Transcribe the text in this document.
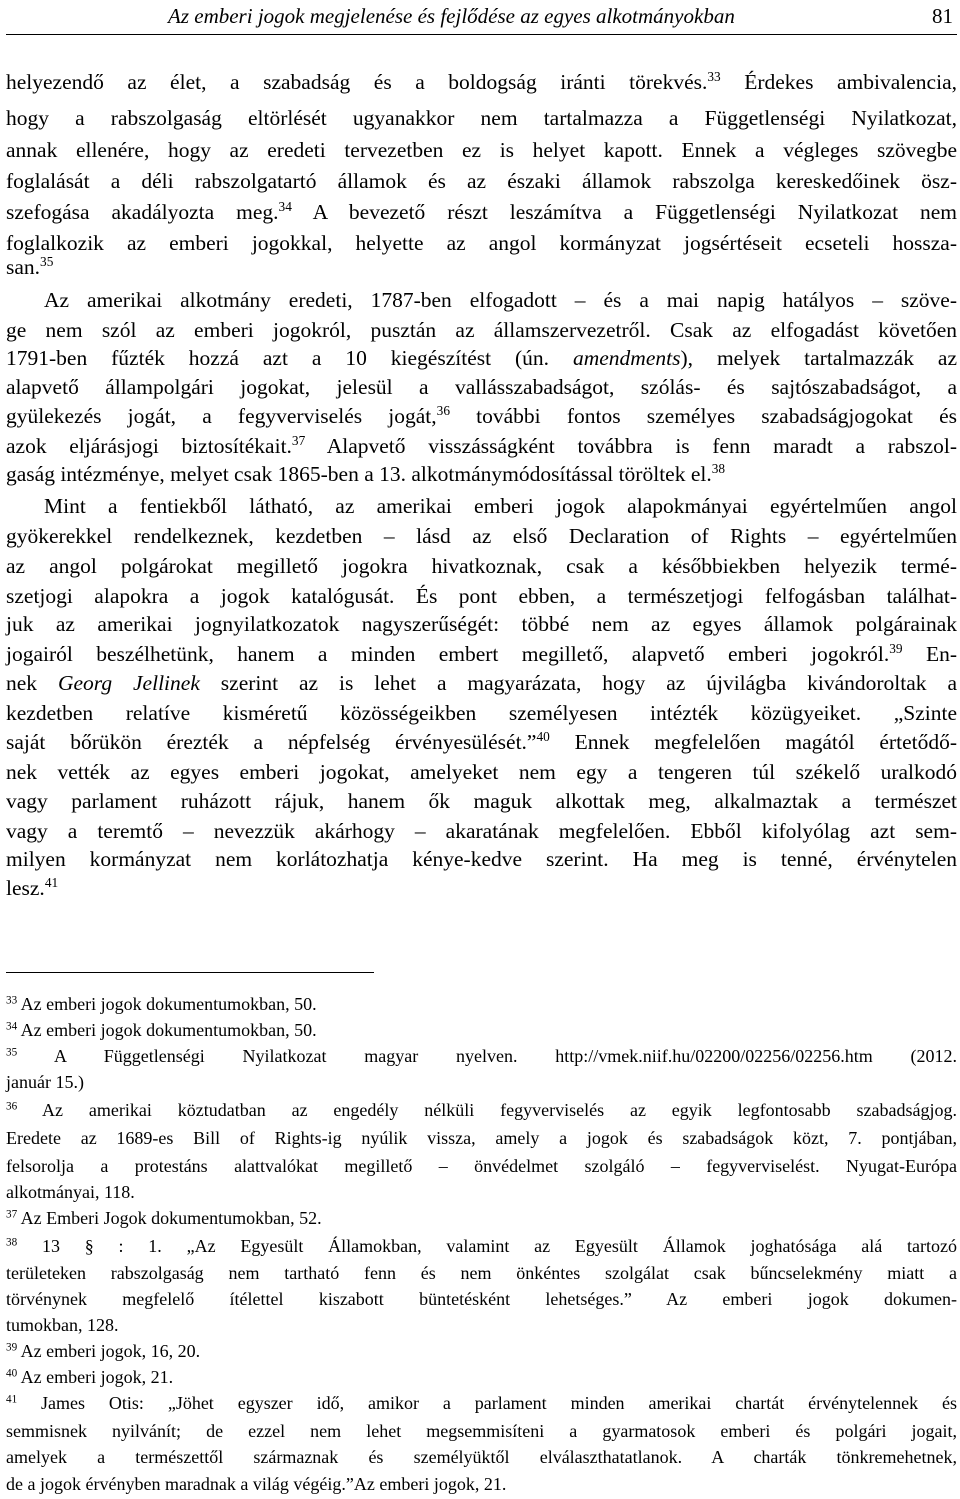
Az emberi jogok megjelenése és fejlődése az egyes alkotmányokban	81
helyezendő az élet, a szabadság és a boldogság iránti törekvés.$^{33}$ Érdekes ambivalencia,
hogy a rabszolgaság eltörlését ugyanakkor nem tartalmazza a Függetlenségi Nyilatkozat,
annak ellenére, hogy az eredeti tervezetben ez is helyet kapott. Ennek a végleges szövegbe
foglalását a déli rabszolgatartó államok és az északi államok rabszolga kereskedőinek ösz-
szefogása akadályozta meg.$^{34}$ A bevezető részt leszámítva a Függetlenségi Nyilatkozat nem
foglalkozik az emberi jogokkal, helyette az angol kormányzat jogsértéseit ecseteli hossza-
san.$^{35}$
Az amerikai alkotmány eredeti, 1787-ben elfogadott – és a mai napig hatályos – szöve-
ge nem szól az emberi jogokról, pusztán az államszervezetről. Csak az elfogadást követően
1791-ben fűzték hozzá azt a 10 kiegészítést (ún. amendments), melyek tartalmazzák az
alapvető állampolgári jogokat, jelesül a vallásszabadságot, szólás- és sajtószabadságot, a
gyülekezés jogát, a fegyverviselés jogát,$^{36}$ további fontos személyes szabadságjogokat és
azok eljárásjogi biztosítékait.$^{37}$ Alapvető visszásságként továbbra is fenn maradt a rabszol-
gaság intézménye, melyet csak 1865-ben a 13. alkotmánymódosítással töröltek el.$^{38}$
Mint a fentiekből látható, az amerikai emberi jogok alapokmányai egyértelműen angol
gyökerekkel rendelkeznek, kezdetben – lásd az első Declaration of Rights – egyértelműen
az angol polgárokat megillető jogokra hivatkoznak, csak a későbbiekben helyezik termé-
szetjogi alapokra a jogok katalógusát. És pont ebben, a természetjogi felfogásban találhat-
juk az amerikai jognyilatkozatok nagyszerűségét: többé nem az egyes államok polgárainak
jogairól beszélhetünk, hanem a minden embert megillető, alapvető emberi jogokról.$^{39}$ En-
nek Georg Jellinek szerint az is lehet a magyarázata, hogy az újvilágba kivándoroltak a
kezdetben relatíve kisméretű közösségeikben személyesen intézték közügyeiket. „Szinte
saját bőrükön érezték a népfelség érvényesülését.”$^{40}$ Ennek megfelelően magától értetődő-
nek vették az egyes emberi jogokat, amelyeket nem egy a tengeren túl székelő uralkodó
vagy parlament ruházott rájuk, hanem ők maguk alkottak meg, alkalmaztak a természet
vagy a teremtő – nevezzük akárhogy – akaratának megfelelően. Ebből kifolyólag azt sem-
milyen kormányzat nem korlátozhatja kénye-kedve szerint. Ha meg is tenné, érvénytelen
lesz.$^{41}$
$^{33}$ Az emberi jogok dokumentumokban, 50.
$^{34}$ Az emberi jogok dokumentumokban, 50.
$^{35}$ A Függetlenségi Nyilatkozat magyar nyelven. http://vmek.niif.hu/02200/02256/02256.htm (2012.
január 15.)
$^{36}$ Az amerikai köztudatban az engedély nélküli fegyverviselés az egyik legfontosabb szabadságjog.
Eredete az 1689-es Bill of Rights-ig nyúlik vissza, amely a jogok és szabadságok közt, 7. pontjában,
felsorolja a protestáns alattvalókat megillető – önvédelmet szolgáló – fegyverviselést. Nyugat-Európa
alkotmányai, 118.
$^{37}$ Az Emberi Jogok dokumentumokban, 52.
$^{38}$ 13 § : 1. „Az Egyesült Államokban, valamint az Egyesült Államok joghatósága alá tartozó
területeken rabszolgaság nem tartható fenn és nem önkéntes szolgálat csak bűncselekmény miatt a
törvénynek megfelelő ítélettel kiszabott büntetésként lehetséges.” Az emberi jogok dokumen-
tumokban, 128.
$^{39}$ Az emberi jogok, 16, 20.
$^{40}$ Az emberi jogok, 21.
$^{41}$ James Otis: „Jöhet egyszer idő, amikor a parlament minden amerikai chartát érvénytelennek és
semmisnek nyilvánít; de ezzel nem lehet megsemmisíteni a gyarmatosok emberi és polgári jogait,
amelyek a természettől származnak és személyüktől elválaszthatatlanok. A charták tönkremehetnek,
de a jogok érvényben maradnak a világ végéig.”Az emberi jogok, 21.
